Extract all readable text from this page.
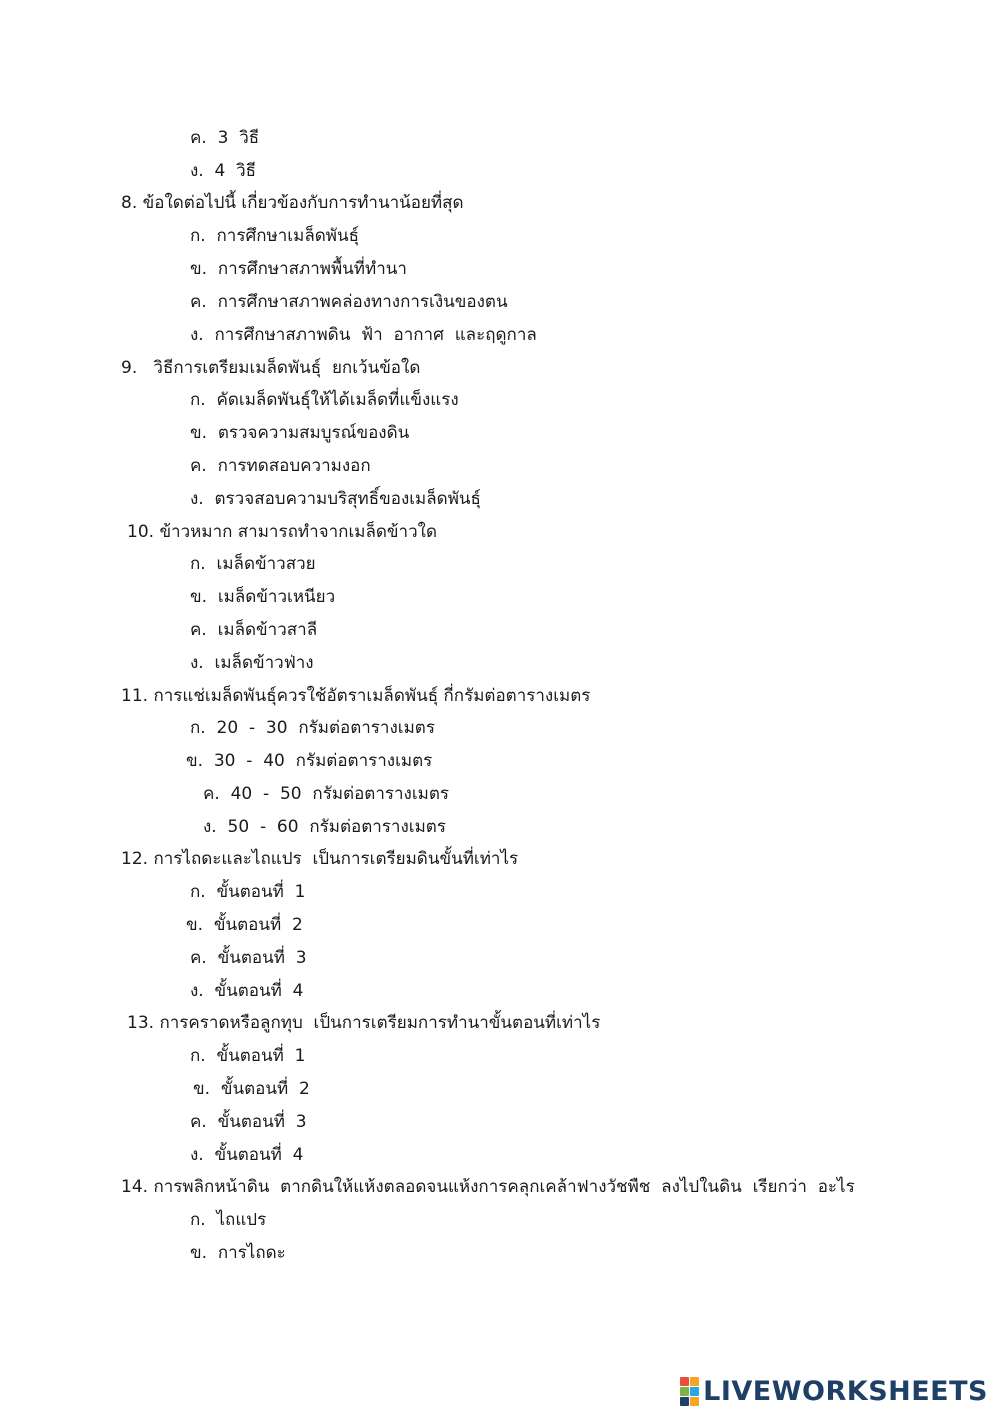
ค.  3  วิธี
ง.  4  วิธี
8. ข้อใดต่อไปนี้ เกี่ยวข้องกับการทำนาน้อยที่สุด
ก.  การศึกษาเมล็ดพันธุ์
ข.  การศึกษาสภาพพื้นที่ทำนา
ค.  การศึกษาสภาพคล่องทางการเงินของตน
ง.  การศึกษาสภาพดิน  ฟ้า  อากาศ  และฤดูกาล
9.   วิธีการเตรียมเมล็ดพันธุ์  ยกเว้นข้อใด
ก.  คัดเมล็ดพันธุ์ให้ได้เมล็ดที่แข็งแรง
ข.  ตรวจความสมบูรณ์ของดิน
ค.  การทดสอบความงอก
ง.  ตรวจสอบความบริสุทธิ์ของเมล็ดพันธุ์
10. ข้าวหมาก สามารถทำจากเมล็ดข้าวใด
ก.  เมล็ดข้าวสวย
ข.  เมล็ดข้าวเหนียว
ค.  เมล็ดข้าวสาลี
ง.  เมล็ดข้าวฟ่าง
11. การแช่เมล็ดพันธุ์ควรใช้อัตราเมล็ดพันธุ์ กี่กรัมต่อตารางเมตร
ก.  20  -  30  กรัมต่อตารางเมตร
ข.  30  -  40  กรัมต่อตารางเมตร
ค.  40  -  50  กรัมต่อตารางเมตร
ง.  50  -  60  กรัมต่อตารางเมตร
12. การไถดะและไถแปร  เป็นการเตรียมดินขั้นที่เท่าไร
ก.  ขั้นตอนที่  1
ข.  ขั้นตอนที่  2
ค.  ขั้นตอนที่  3
ง.  ขั้นตอนที่  4
13. การคราดหรือลูกทุบ  เป็นการเตรียมการทำนาขั้นตอนที่เท่าไร
ก.  ขั้นตอนที่  1
ข.  ขั้นตอนที่  2
ค.  ขั้นตอนที่  3
ง.  ขั้นตอนที่  4
14. การพลิกหน้าดิน  ตากดินให้แห้งตลอดจนแห้งการคลุกเคล้าฟางวัชพืช  ลงไปในดิน  เรียกว่า  อะไร
ก.  ไถแปร
ข.  การไถดะ
LIVEWORKSHEETS
